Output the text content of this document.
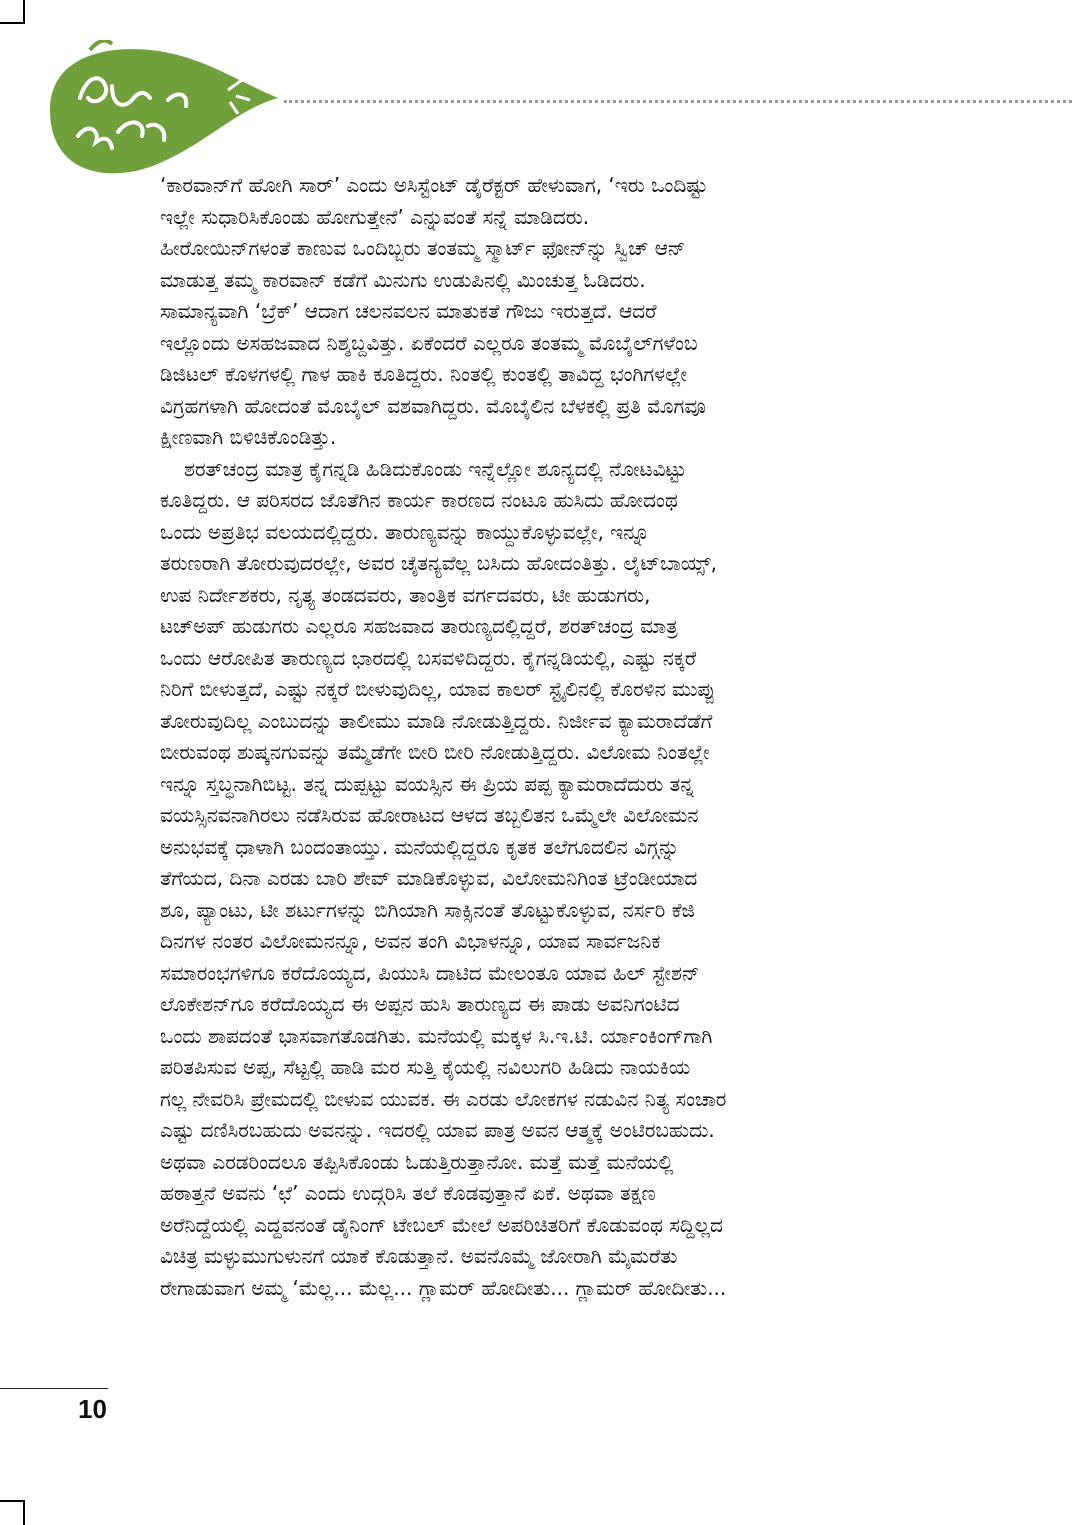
‘ಕಾರವಾನ್‌ಗೆ ಹೋಗಿ ಸಾರ್’ ಎಂದು ಅಸಿಸ್ಟೆಂಟ್ ಡೈರೆಕ್ಟರ್ ಹೇಳುವಾಗ, ‘ಇರು ಒಂದಿಷ್ಟು
ಇಲ್ಲೇ ಸುಧಾರಿಸಿಕೊಂಡು ಹೋಗುತ್ತೇನೆ’ ಎನ್ನುವಂತೆ ಸನ್ನೆ ಮಾಡಿದರು.
ಹೀರೋಯಿನ್‌ಗಳಂತೆ ಕಾಣುವ ಒಂದಿಬ್ಬರು ತಂತಮ್ಮ ಸ್ಮಾರ್ಟ್ ಫೋನ್‌ನ್ನು ಸ್ವಿಚ್ ಆನ್
ಮಾಡುತ್ತ ತಮ್ಮ ಕಾರವಾನ್ ಕಡೆಗೆ ಮಿನುಗು ಉಡುಪಿನಲ್ಲಿ ಮಿಂಚುತ್ತ ಓಡಿದರು.
ಸಾಮಾನ್ಯವಾಗಿ ‘ಬ್ರೆಕ್’ ಆದಾಗ ಚಲನವಲನ ಮಾತುಕತೆ ಗೌಜು ಇರುತ್ತದೆ. ಆದರೆ
ಇಲ್ಲೊಂದು ಅಸಹಜವಾದ ನಿಶ್ಶಬ್ದವಿತ್ತು. ಏಕೆಂದರೆ ಎಲ್ಲರೂ ತಂತಮ್ಮ ಮೊಬೈಲ್‌ಗಳೆಂಬ
ಡಿಜಿಟಲ್ ಕೊಳಗಳಲ್ಲಿ ಗಾಳ ಹಾಕಿ ಕೂತಿದ್ದರು. ನಿಂತಲ್ಲಿ ಕುಂತಲ್ಲಿ ತಾವಿದ್ದ ಭಂಗಿಗಳಲ್ಲೇ
ವಿಗ್ರಹಗಳಾಗಿ ಹೋದಂತೆ ಮೊಬೈಲ್ ವಶವಾಗಿದ್ದರು. ಮೊಬೈಲಿನ ಬೆಳಕಲ್ಲಿ ಪ್ರತಿ ಮೊಗವೂ
ಕ್ಷೀಣವಾಗಿ ಬಿಳಿಚಿಕೊಂಡಿತ್ತು.
ಶರತ್‌ಚಂದ್ರ ಮಾತ್ರ ಕೈಗನ್ನಡಿ ಹಿಡಿದುಕೊಂಡು ಇನ್ನೆಲ್ಲೋ ಶೂನ್ಯದಲ್ಲಿ ನೋಟವಿಟ್ಟು
ಕೂತಿದ್ದರು. ಆ ಪರಿಸರದ ಜೊತೆಗಿನ ಕಾರ್ಯ ಕಾರಣದ ನಂಟೂ ಹುಸಿದು ಹೋದಂಥ
ಒಂದು ಅಪ್ರತಿಭ ವಲಯದಲ್ಲಿದ್ದರು. ತಾರುಣ್ಯವನ್ನು ಕಾಯ್ದುಕೊಳ್ಳುವಲ್ಲೇ, ಇನ್ನೂ
ತರುಣರಾಗಿ ತೋರುವುದರಲ್ಲೇ, ಅವರ ಚೈತನ್ಯವೆಲ್ಲ ಬಸಿದು ಹೋದಂತಿತ್ತು. ಲೈಟ್‌ಬಾಯ್ಸ್,
ಉಪ ನಿರ್ದೇಶಕರು, ನೃತ್ಯ ತಂಡದವರು, ತಾಂತ್ರಿಕ ವರ್ಗದವರು, ಟೀ ಹುಡುಗರು,
ಟಚ್‌ಅಪ್ ಹುಡುಗರು ಎಲ್ಲರೂ ಸಹಜವಾದ ತಾರುಣ್ಯದಲ್ಲಿದ್ದರೆ, ಶರತ್‌ಚಂದ್ರ ಮಾತ್ರ
ಒಂದು ಆರೋಪಿತ ತಾರುಣ್ಯದ ಭಾರದಲ್ಲಿ ಬಸವಳಿದಿದ್ದರು. ಕೈಗನ್ನಡಿಯಲ್ಲಿ, ಎಷ್ಟು ನಕ್ಕರೆ
ನಿರಿಗೆ ಬೀಳುತ್ತದೆ, ಎಷ್ಟು ನಕ್ಕರೆ ಬೀಳುವುದಿಲ್ಲ, ಯಾವ ಕಾಲರ್ ಸ್ಟೈಲಿನಲ್ಲಿ ಕೊರಳಿನ ಮುಪ್ಪು
ತೋರುವುದಿಲ್ಲ ಎಂಬುದನ್ನು ತಾಲೀಮು ಮಾಡಿ ನೋಡುತ್ತಿದ್ದರು. ನಿರ್ಜೀವ ಕ್ಯಾಮರಾದೆಡೆಗೆ
ಬೀರುವಂಥ ಶುಷ್ಕನಗುವನ್ನು ತಮ್ಮೆಡೆಗೇ ಬೀರಿ ಬೀರಿ ನೋಡುತ್ತಿದ್ದರು. ವಿಲೋಮ ನಿಂತಲ್ಲೇ
ಇನ್ನೂ ಸ್ತಬ್ಧನಾಗಿಬಿಟ್ಟ. ತನ್ನ ದುಪ್ಪಟ್ಟು ವಯಸ್ಸಿನ ಈ ಪ್ರಿಯ ಪಪ್ಪ ಕ್ಯಾಮರಾದೆದುರು ತನ್ನ
ವಯಸ್ಸಿನವನಾಗಿರಲು ನಡೆಸಿರುವ ಹೋರಾಟದ ಆಳದ ತಬ್ಬಲಿತನ ಒಮ್ಮೆಲೇ ವಿಲೋಮನ
ಅನುಭವಕ್ಕೆ ಧಾಳಾಗಿ ಬಂದಂತಾಯ್ತು. ಮನೆಯಲ್ಲಿದ್ದರೂ ಕೃತಕ ತಲೆಗೂದಲಿನ ವಿಗ್ಗನ್ನು
ತೆಗೆಯದ, ದಿನಾ ಎರಡು ಬಾರಿ ಶೇವ್ ಮಾಡಿಕೊಳ್ಳುವ, ವಿಲೋಮನಿಗಿಂತ ಟ್ರೆಂಡೀಯಾದ
ಶೂ, ಪ್ಯಾಂಟು, ಟೀ ಶರ್ಟುಗಳನ್ನು ಬಿಗಿಯಾಗಿ ಸಾಕ್ಸಿನಂತೆ ತೊಟ್ಟುಕೊಳ್ಳುವ, ನರ್ಸರಿ ಕೆಜಿ
ದಿನಗಳ ನಂತರ ವಿಲೋಮನನ್ನೂ, ಅವನ ತಂಗಿ ವಿಭಾಳನ್ನೂ, ಯಾವ ಸಾರ್ವಜನಿಕ
ಸಮಾರಂಭಗಳಿಗೂ ಕರೆದೊಯ್ಯದ, ಪಿಯುಸಿ ದಾಟಿದ ಮೇಲಂತೂ ಯಾವ ಹಿಲ್ ಸ್ಟೇಶನ್
ಲೊಕೇಶನ್‌ಗೂ ಕರೆದೊಯ್ಯದ ಈ ಅಪ್ಪನ ಹುಸಿ ತಾರುಣ್ಯದ ಈ ಪಾಡು ಅವನಿಗಂಟಿದ
ಒಂದು ಶಾಪದಂತೆ ಭಾಸವಾಗತೊಡಗಿತು. ಮನೆಯಲ್ಲಿ ಮಕ್ಕಳ ಸಿ.ಇ.ಟಿ. ರ್ಯಾಂಕಿಂಗ್‌ಗಾಗಿ
ಪರಿತಪಿಸುವ ಅಪ್ಪ, ಸೆಟ್ಟಲ್ಲಿ ಹಾಡಿ ಮರ ಸುತ್ತಿ ಕೈಯಲ್ಲಿ ನವಿಲುಗರಿ ಹಿಡಿದು ನಾಯಕಿಯ
ಗಲ್ಲ ನೇವರಿಸಿ ಪ್ರೇಮದಲ್ಲಿ ಬೀಳುವ ಯುವಕ. ಈ ಎರಡು ಲೋಕಗಳ ನಡುವಿನ ನಿತ್ಯ ಸಂಚಾರ
ಎಷ್ಟು ದಣಿಸಿರಬಹುದು ಅವನನ್ನು. ಇದರಲ್ಲಿ ಯಾವ ಪಾತ್ರ ಅವನ ಆತ್ಮಕ್ಕೆ ಅಂಟಿರಬಹುದು.
ಅಥವಾ ಎರಡರಿಂದಲೂ ತಪ್ಪಿಸಿಕೊಂಡು ಓಡುತ್ತಿರುತ್ತಾನೋ. ಮತ್ತೆ ಮತ್ತೆ ಮನೆಯಲ್ಲಿ
ಹಠಾತ್ತನೆ ಅವನು ‘ಛೆ’ ಎಂದು ಉದ್ಗರಿಸಿ ತಲೆ ಕೊಡವುತ್ತಾನೆ ಏಕೆ. ಅಥವಾ ತಕ್ಷಣ
ಅರೆನಿದ್ದೆಯಲ್ಲಿ ಎದ್ದವನಂತೆ ಡೈನಿಂಗ್ ಟೇಬಲ್ ಮೇಲೆ ಅಪರಿಚಿತರಿಗೆ ಕೊಡುವಂಥ ಸದ್ದಿಲ್ಲದ
ವಿಚಿತ್ರ ಮಳ್ಳುಮುಗುಳುನಗೆ ಯಾಕೆ ಕೊಡುತ್ತಾನೆ. ಅವನೊಮ್ಮೆ ಜೋರಾಗಿ ಮೈಮರೆತು
ರೇಗಾಡುವಾಗ ಅಮ್ಮ ‘ಮೆಲ್ಲ... ಮೆಲ್ಲ... ಗ್ಲಾಮರ್ ಹೋದೀತು... ಗ್ಲಾಮರ್ ಹೋದೀತು...
10
